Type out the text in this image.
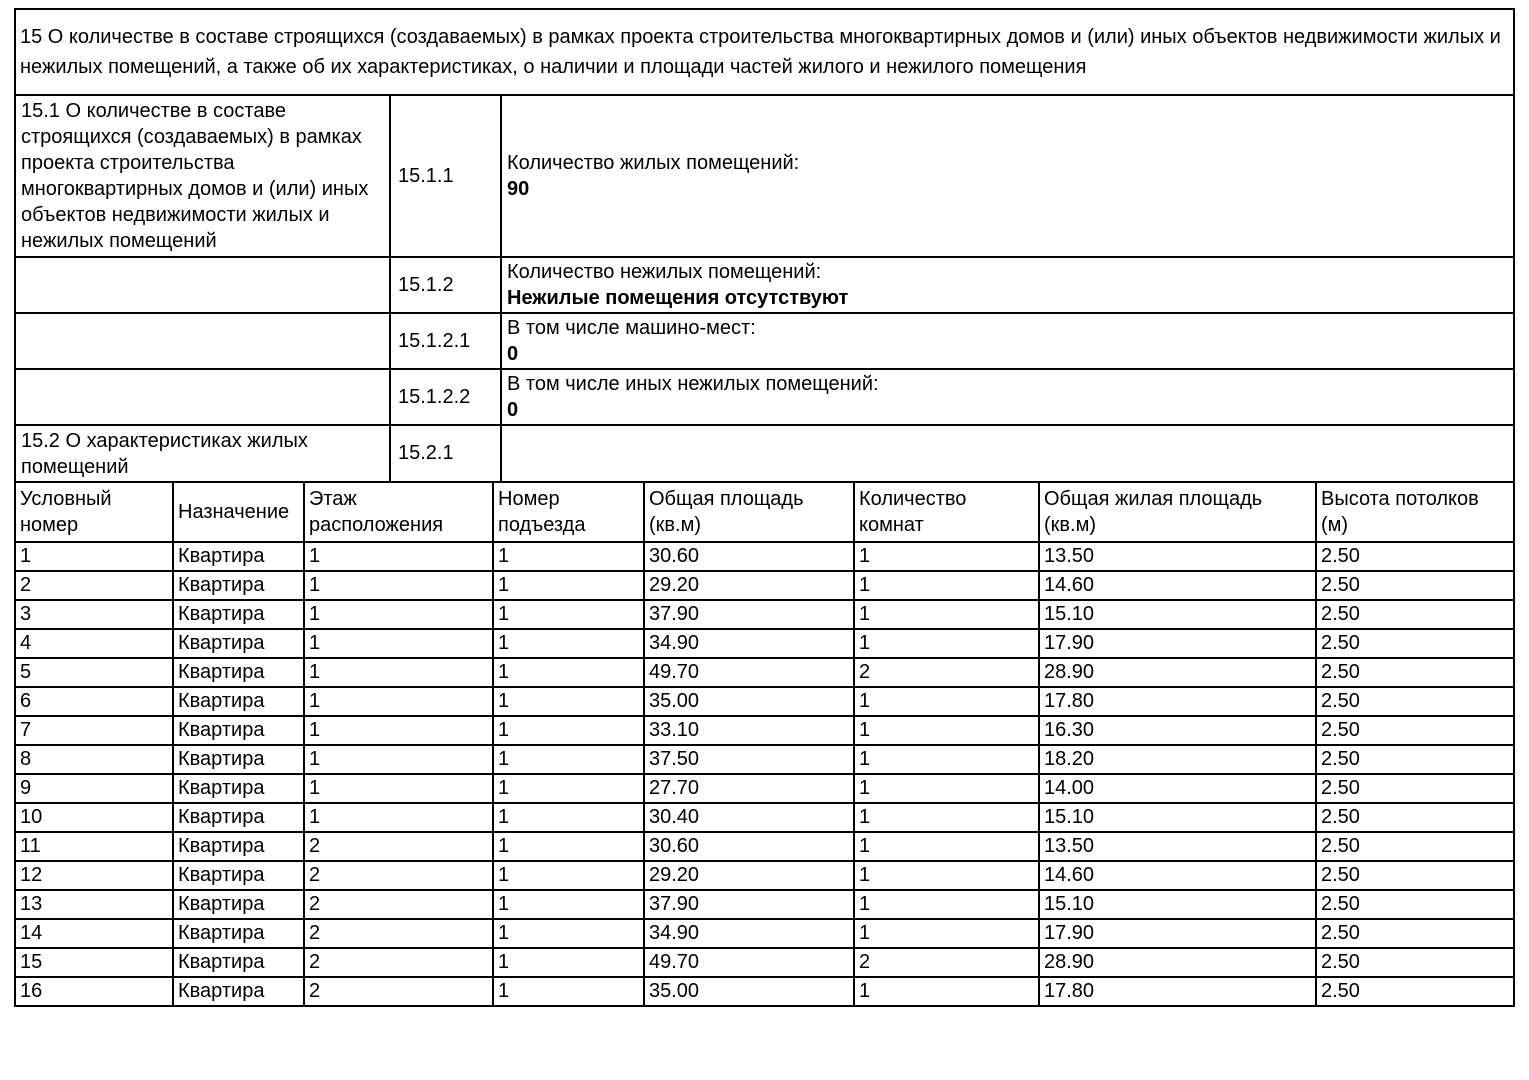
15 О количестве в составе строящихся (создаваемых) в рамках проекта строительства многоквартирных домов и (или) иных объектов недвижимости жилых и нежилых помещений, а также об их характеристиках, о наличии и площади частей жилого и нежилого помещения		
15.1 О количестве в составе строящихся (создаваемых) в рамках проекта строительства многоквартирных домов и (или) иных объектов недвижимости жилых и нежилых помещений	15.1.1	Количество жилых помещений:
90

	15.1.2	Количество нежилых помещений:
Нежилые помещения отсутствуют

	15.1.2.1	В том числе машино-мест:
0

	15.1.2.2	В том числе иных нежилых помещений:
0

15.2 О характеристиках жилых помещений	15.2.1	
Условный номер	Назначение	Этаж расположения	Номер подъезда	Общая площадь (кв.м)	Количество комнат	Общая жилая площадь (кв.м)	Высота потолков (м)
1	Квартира	1	1	30.60	1	13.50	2.50
2	Квартира	1	1	29.20	1	14.60	2.50
3	Квартира	1	1	37.90	1	15.10	2.50
4	Квартира	1	1	34.90	1	17.90	2.50
5	Квартира	1	1	49.70	2	28.90	2.50
6	Квартира	1	1	35.00	1	17.80	2.50
7	Квартира	1	1	33.10	1	16.30	2.50
8	Квартира	1	1	37.50	1	18.20	2.50
9	Квартира	1	1	27.70	1	14.00	2.50
10	Квартира	1	1	30.40	1	15.10	2.50
11	Квартира	2	1	30.60	1	13.50	2.50
12	Квартира	2	1	29.20	1	14.60	2.50
13	Квартира	2	1	37.90	1	15.10	2.50
14	Квартира	2	1	34.90	1	17.90	2.50
15	Квартира	2	1	49.70	2	28.90	2.50
16	Квартира	2	1	35.00	1	17.80	2.50
